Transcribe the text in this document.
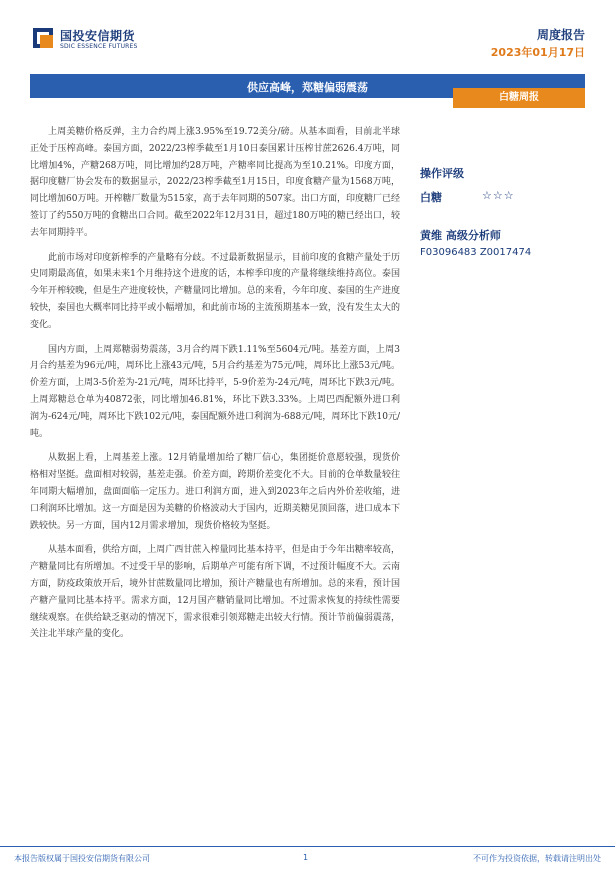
国投安信期货
SDIC ESSENCE FUTURES
周度报告
2023年01月17日
供应高峰，郑糖偏弱震荡
白糖周报

上周美糖价格反弹，主力合约周上涨3.95%至19.72美分/磅。从基本面看，目前北半球正处于压榨高峰。泰国方面，2022/23榨季截至1月10日泰国累计压榨甘蔗2626.4万吨，同比增加4%，产糖268万吨，同比增加约28万吨，产糖率同比提高为至10.21%。印度方面，据印度糖厂协会发布的数据显示，2022/23榨季截至1月15日，印度食糖产量为1568万吨，同比增加60万吨。开榨糖厂数量为515家，高于去年同期的507家。出口方面，印度糖厂已经签订了约550万吨的食糖出口合同。截至2022年12月31日，超过180万吨的糖已经出口，较去年同期持平。

此前市场对印度新榨季的产量略有分歧。不过最新数据显示，目前印度的食糖产量处于历史同期最高值，如果未来1个月维持这个进度的话，本榨季印度的产量将继续维持高位。泰国今年开榨较晚，但是生产进度较快，产糖量同比增加。总的来看，今年印度、泰国的生产进度较快，泰国也大概率同比持平或小幅增加，和此前市场的主流预期基本一致，没有发生太大的变化。

国内方面，上周郑糖弱势震荡，3月合约周下跌1.11%至5604元/吨。基差方面，上周3月合约基差为96元/吨，周环比上涨43元/吨，5月合约基差为75元/吨，周环比上涨53元/吨。价差方面，上周3-5价差为-21元/吨，周环比持平，5-9价差为-24元/吨，周环比下跌3元/吨。上周郑糖总仓单为40872张，同比增加46.81%，环比下跌3.33%。上周巴西配额外进口利润为-624元/吨，周环比下跌102元/吨，泰国配额外进口利润为-688元/吨，周环比下跌10元/吨。

从数据上看，上周基差上涨。12月销量增加给了糖厂信心，集团挺价意愿较强，现货价格相对坚挺。盘面相对较弱，基差走强。价差方面，跨期价差变化不大。目前的仓单数量较往年同期大幅增加，盘面面临一定压力。进口利润方面，进入到2023年之后内外价差收缩，进口利润环比增加。这一方面是因为美糖的价格波动大于国内，近期美糖见顶回落，进口成本下跌较快。另一方面，国内12月需求增加，现货价格较为坚挺。

从基本面看，供给方面，上周广西甘蔗入榨量同比基本持平，但是由于今年出糖率较高，产糖量同比有所增加。不过受干旱的影响，后期单产可能有所下调，不过预计幅度不大。云南方面，防疫政策放开后，境外甘蔗数量同比增加，预计产糖量也有所增加。总的来看，预计国产糖产量同比基本持平。需求方面，12月国产糖销量同比增加。不过需求恢复的持续性需要继续观察。在供给缺乏驱动的情况下，需求很难引领郑糖走出较大行情。预计节前偏弱震荡，关注北半球产量的变化。

操作评级
白糖	☆☆☆
黄维 高级分析师
F03096483 Z0017474
本报告版权属于国投安信期货有限公司	1	不可作为投资依据，转载请注明出处
